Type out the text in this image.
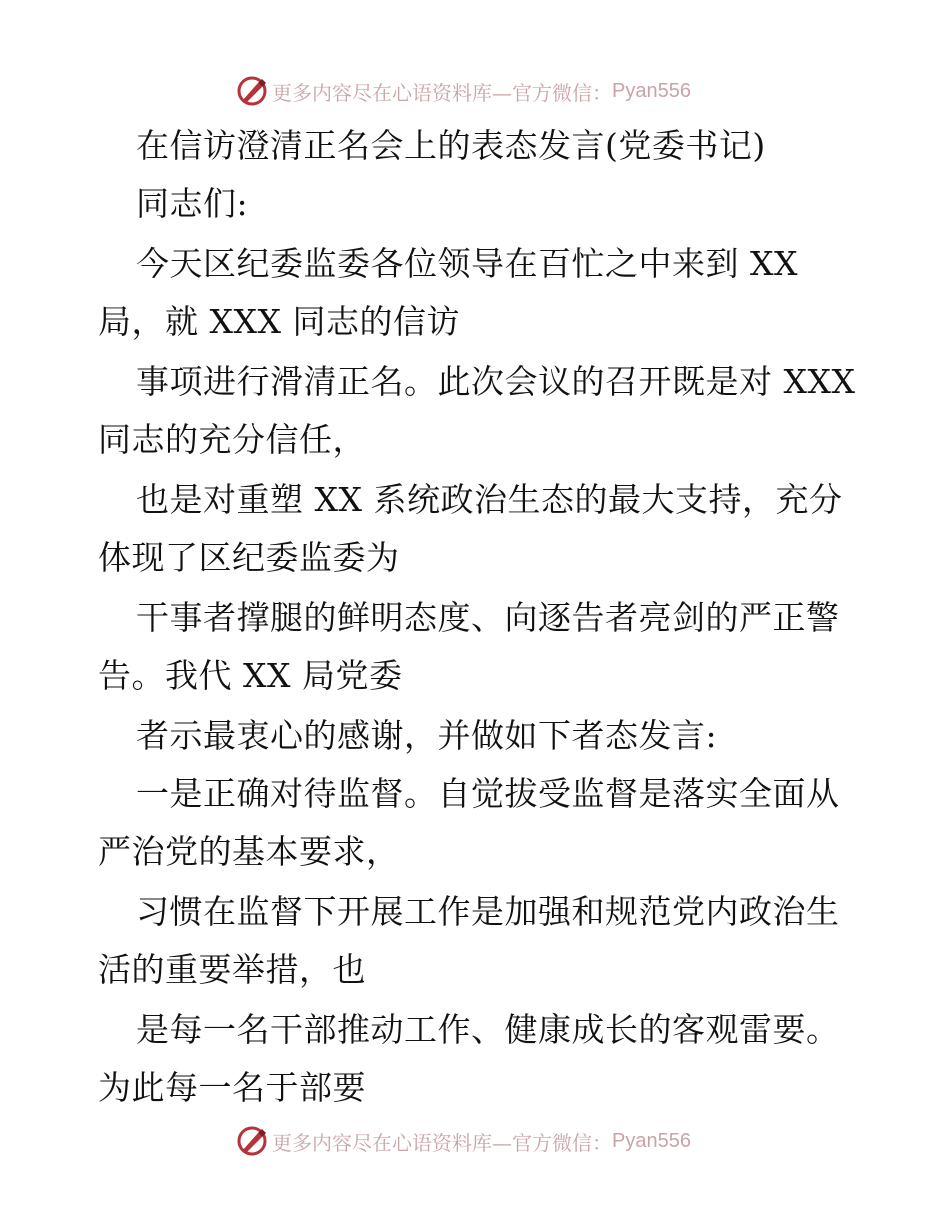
更多内容尽在心语资料库—官方微信： Pyan556
在信访澄清正名会上的表态发言(党委书记)
同志们:
今天区纪委监委各位领导在百忙之中来到 XX
局，就 XXX 同志的信访
事项进行滑清正名。此次会议的召开既是对 XXX
同志的充分信任，
也是对重塑 XX 系统政治生态的最大支持，充分
体现了区纪委监委为
干事者撑腿的鲜明态度、向逐告者亮剑的严正警
告。我代 XX 局党委
者示最衷心的感谢，并做如下者态发言:
一是正确对待监督。自觉拔受监督是落实全面从
严治党的基本要求，
习惯在监督下开展工作是加强和规范党内政治生
活的重要举措，也
是每一名干部推动工作、健康成长的客观雷要。
为此每一名于部要
更多内容尽在心语资料库—官方微信： Pyan556
